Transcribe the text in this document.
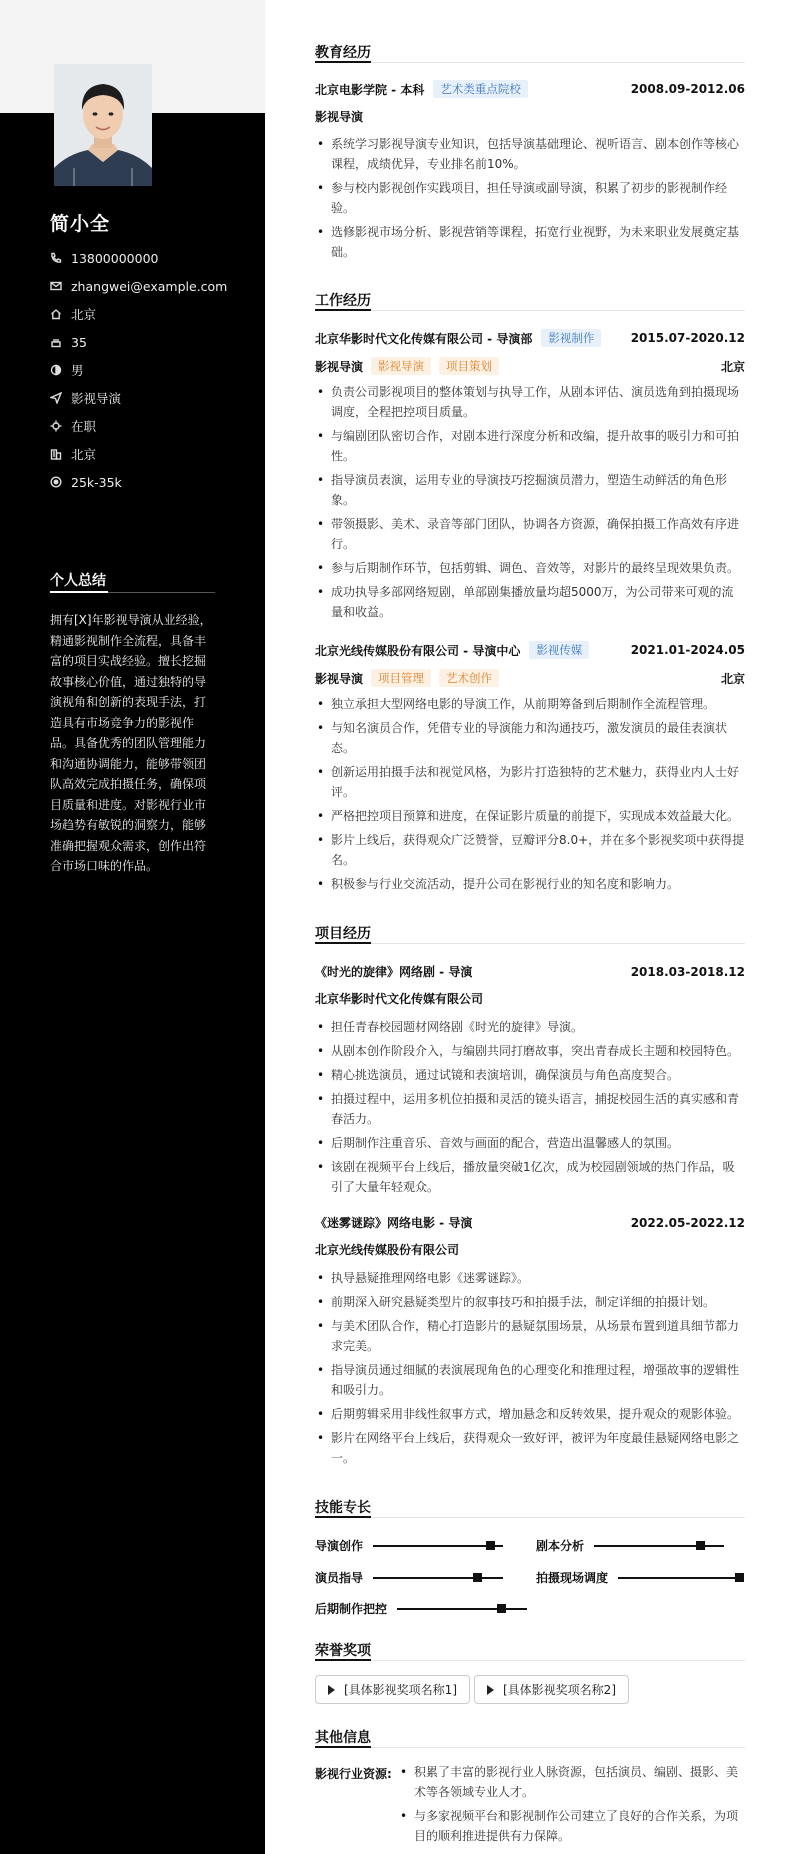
简小全
13800000000
zhangwei@example.com
北京
35
男
影视导演
在职
北京
25k-35k
个人总结
拥有[X]年影视导演从业经验，精通影视制作全流程，具备丰富的项目实战经验。擅长挖掘故事核心价值，通过独特的导演视角和创新的表现手法，打造具有市场竞争力的影视作品。具备优秀的团队管理能力和沟通协调能力，能够带领团队高效完成拍摄任务，确保项目质量和进度。对影视行业市场趋势有敏锐的洞察力，能够准确把握观众需求，创作出符合市场口味的作品。
教育经历
北京电影学院 - 本科	艺术类重点院校	2008.09-2012.06
影视导演
• 系统学习影视导演专业知识，包括导演基础理论、视听语言、剧本创作等核心课程，成绩优异，专业排名前10%。
• 参与校内影视创作实践项目，担任导演或副导演，积累了初步的影视制作经验。
• 选修影视市场分析、影视营销等课程，拓宽行业视野，为未来职业发展奠定基础。
工作经历
北京华影时代文化传媒有限公司 - 导演部	影视制作	2015.07-2020.12
影视导演	影视导演	项目策划	北京
• 负责公司影视项目的整体策划与执导工作，从剧本评估、演员选角到拍摄现场调度，全程把控项目质量。
• 与编剧团队密切合作，对剧本进行深度分析和改编，提升故事的吸引力和可拍性。
• 指导演员表演，运用专业的导演技巧挖掘演员潜力，塑造生动鲜活的角色形象。
• 带领摄影、美术、录音等部门团队，协调各方资源，确保拍摄工作高效有序进行。
• 参与后期制作环节，包括剪辑、调色、音效等，对影片的最终呈现效果负责。
• 成功执导多部网络短剧，单部剧集播放量均超5000万，为公司带来可观的流量和收益。
北京光线传媒股份有限公司 - 导演中心	影视传媒	2021.01-2024.05
影视导演	项目管理	艺术创作	北京
• 独立承担大型网络电影的导演工作，从前期筹备到后期制作全流程管理。
• 与知名演员合作，凭借专业的导演能力和沟通技巧，激发演员的最佳表演状态。
• 创新运用拍摄手法和视觉风格，为影片打造独特的艺术魅力，获得业内人士好评。
• 严格把控项目预算和进度，在保证影片质量的前提下，实现成本效益最大化。
• 影片上线后，获得观众广泛赞誉，豆瓣评分8.0+，并在多个影视奖项中获得提名。
• 积极参与行业交流活动，提升公司在影视行业的知名度和影响力。
项目经历
《时光的旋律》网络剧 - 导演	2018.03-2018.12
北京华影时代文化传媒有限公司
• 担任青春校园题材网络剧《时光的旋律》导演。
• 从剧本创作阶段介入，与编剧共同打磨故事，突出青春成长主题和校园特色。
• 精心挑选演员，通过试镜和表演培训，确保演员与角色高度契合。
• 拍摄过程中，运用多机位拍摄和灵活的镜头语言，捕捉校园生活的真实感和青春活力。
• 后期制作注重音乐、音效与画面的配合，营造出温馨感人的氛围。
• 该剧在视频平台上线后，播放量突破1亿次，成为校园剧领域的热门作品，吸引了大量年轻观众。
《迷雾谜踪》网络电影 - 导演	2022.05-2022.12
北京光线传媒股份有限公司
• 执导悬疑推理网络电影《迷雾谜踪》。
• 前期深入研究悬疑类型片的叙事技巧和拍摄手法，制定详细的拍摄计划。
• 与美术团队合作，精心打造影片的悬疑氛围场景，从场景布置到道具细节都力求完美。
• 指导演员通过细腻的表演展现角色的心理变化和推理过程，增强故事的逻辑性和吸引力。
• 后期剪辑采用非线性叙事方式，增加悬念和反转效果，提升观众的观影体验。
• 影片在网络平台上线后，获得观众一致好评，被评为年度最佳悬疑网络电影之一。
技能专长
导演创作	剧本分析
演员指导	拍摄现场调度
后期制作把控
荣誉奖项
[具体影视奖项名称1]	[具体影视奖项名称2]
其他信息
影视行业资源:
•	积累了丰富的影视行业人脉资源，包括演员、编剧、摄影、美术等各领域专业人才。
• 与多家视频平台和影视制作公司建立了良好的合作关系，为项目的顺利推进提供有力保障。
